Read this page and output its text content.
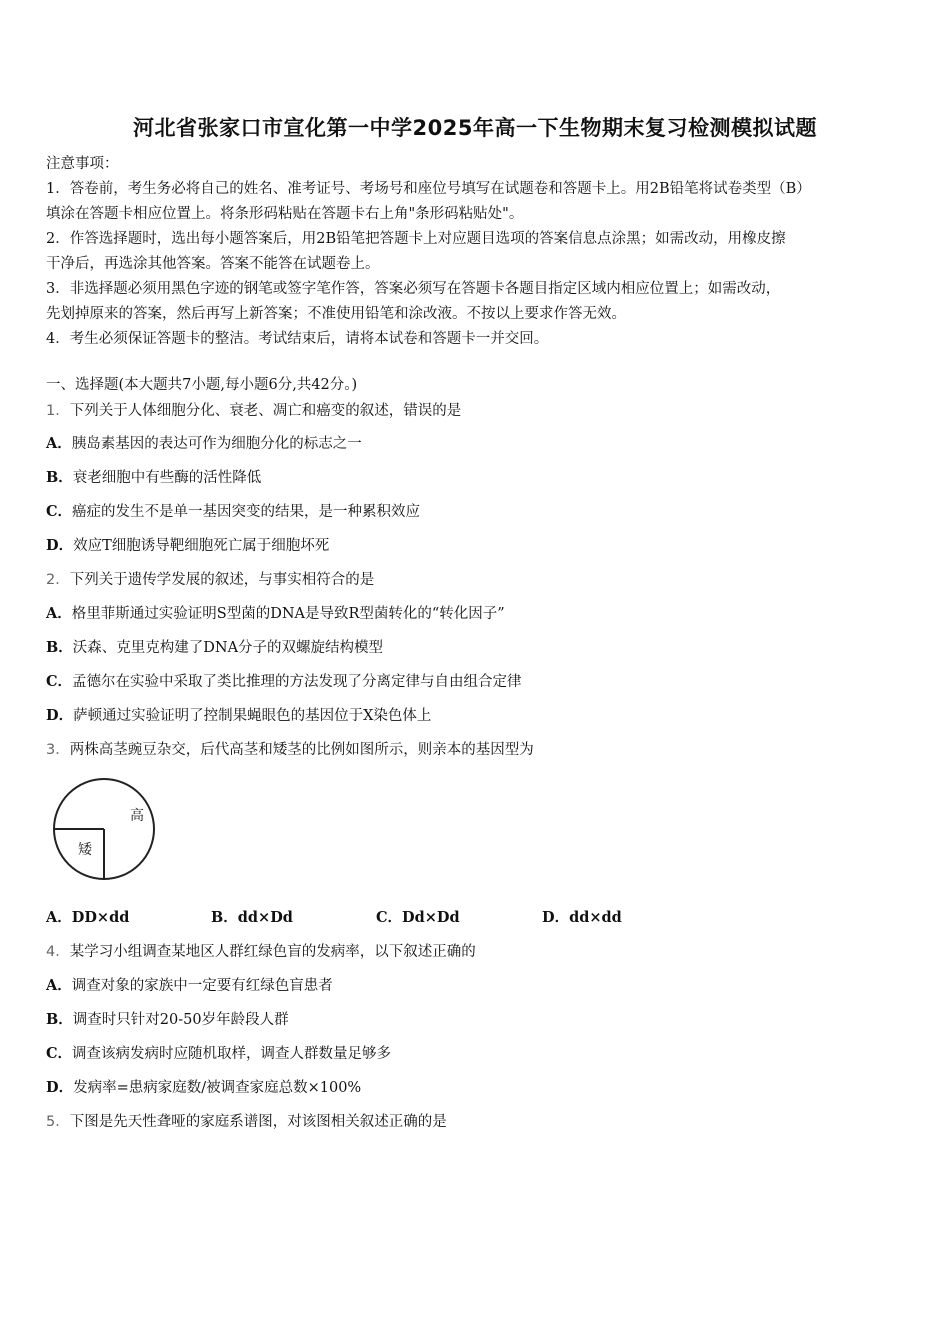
河北省张家口市宣化第一中学2025年高一下生物期末复习检测模拟试题

注意事项：

1．答卷前，考生务必将自己的姓名、准考证号、考场号和座位号填写在试题卷和答题卡上。用2B铅笔将试卷类型（B）

填涂在答题卡相应位置上。将条形码粘贴在答题卡右上角"条形码粘贴处"。

2．作答选择题时，选出每小题答案后，用2B铅笔把答题卡上对应题目选项的答案信息点涂黑；如需改动，用橡皮擦

干净后，再选涂其他答案。答案不能答在试题卷上。

3．非选择题必须用黑色字迹的钢笔或签字笔作答，答案必须写在答题卡各题目指定区域内相应位置上；如需改动，

先划掉原来的答案，然后再写上新答案；不准使用铅笔和涂改液。不按以上要求作答无效。

4．考生必须保证答题卡的整洁。考试结束后，请将本试卷和答题卡一并交回。

一、选择题(本大题共7小题,每小题6分,共42分。)
1．下列关于人体细胞分化、衰老、凋亡和癌变的叙述，错误的是
A．胰岛素基因的表达可作为细胞分化的标志之一
B．衰老细胞中有些酶的活性降低
C．癌症的发生不是单一基因突变的结果，是一种累积效应
D．效应T细胞诱导靶细胞死亡属于细胞坏死
2．下列关于遗传学发展的叙述，与事实相符合的是
A．格里菲斯通过实验证明S型菌的DNA是导致R型菌转化的“转化因子”
B．沃森、克里克构建了DNA分子的双螺旋结构模型
C．孟德尔在实验中采取了类比推理的方法发现了分离定律与自由组合定律
D．萨顿通过实验证明了控制果蝇眼色的基因位于X染色体上
3．两株高茎豌豆杂交，后代高茎和矮茎的比例如图所示，则亲本的基因型为
高
矮
A．DD×dd	B．dd×Dd	C．Dd×Dd	D．dd×dd
4．某学习小组调查某地区人群红绿色盲的发病率，以下叙述正确的
A．调查对象的家族中一定要有红绿色盲患者
B．调查时只针对20-50岁年龄段人群
C．调查该病发病时应随机取样，调查人群数量足够多
D．发病率=患病家庭数/被调查家庭总数×100%
5．下图是先天性聋哑的家庭系谱图，对该图相关叙述正确的是
